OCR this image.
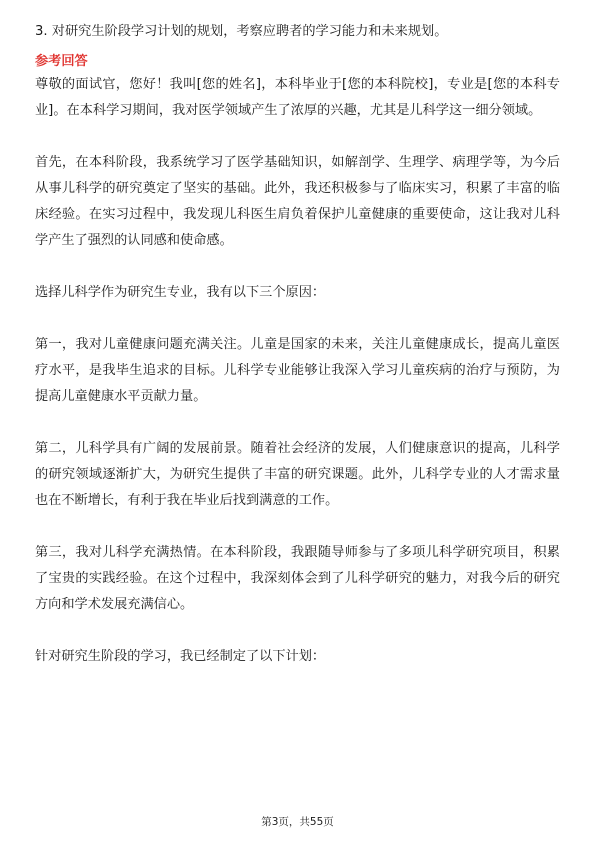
3. 对研究生阶段学习计划的规划，考察应聘者的学习能力和未来规划。

参考回答

尊敬的面试官，您好！我叫[您的姓名]，本科毕业于[您的本科院校]，专业是[您的本科专业]。在本科学习期间，我对医学领域产生了浓厚的兴趣，尤其是儿科学这一细分领域。

首先，在本科阶段，我系统学习了医学基础知识，如解剖学、生理学、病理学等，为今后从事儿科学的研究奠定了坚实的基础。此外，我还积极参与了临床实习，积累了丰富的临床经验。在实习过程中，我发现儿科医生肩负着保护儿童健康的重要使命，这让我对儿科学产生了强烈的认同感和使命感。

选择儿科学作为研究生专业，我有以下三个原因：

第一，我对儿童健康问题充满关注。儿童是国家的未来，关注儿童健康成长，提高儿童医疗水平，是我毕生追求的目标。儿科学专业能够让我深入学习儿童疾病的治疗与预防，为提高儿童健康水平贡献力量。

第二，儿科学具有广阔的发展前景。随着社会经济的发展，人们健康意识的提高，儿科学的研究领域逐渐扩大，为研究生提供了丰富的研究课题。此外，儿科学专业的人才需求量也在不断增长，有利于我在毕业后找到满意的工作。

第三，我对儿科学充满热情。在本科阶段，我跟随导师参与了多项儿科学研究项目，积累了宝贵的实践经验。在这个过程中，我深刻体会到了儿科学研究的魅力，对我今后的研究方向和学术发展充满信心。

针对研究生阶段的学习，我已经制定了以下计划：

第3页，共55页
